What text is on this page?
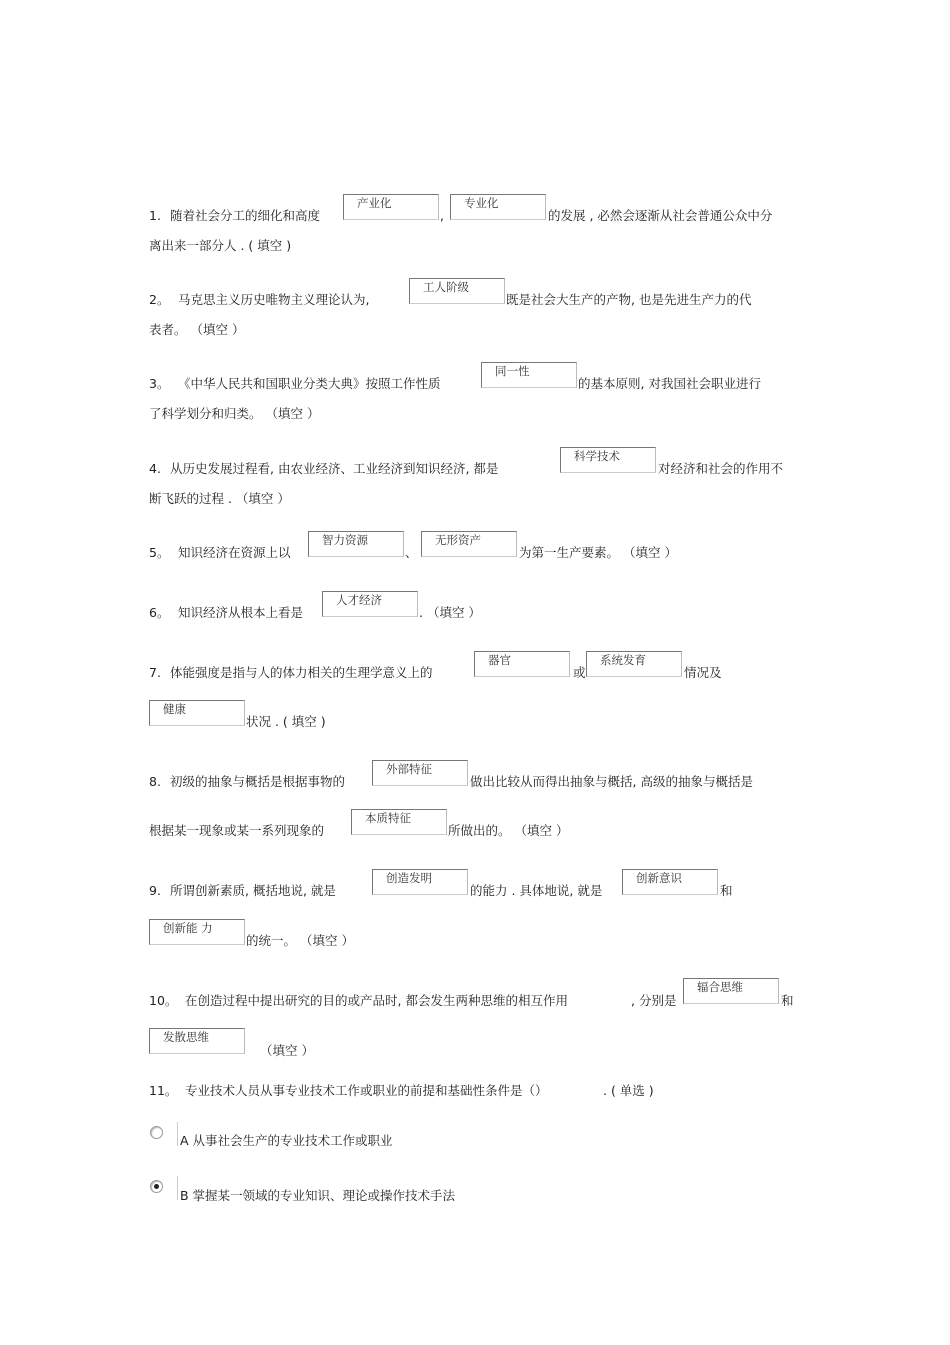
1. 随着社会分工的细化和高度
产业化
,
专业化
的发展 , 必然会逐渐从社会普通公众中分
离出来一部分人 . ( 填空 )
2。 马克思主义历史唯物主义理论认为,
工人阶级
既是社会大生产的产物, 也是先进生产力的代
表者。 （填空 ）
3。 《中华人民共和国职业分类大典》按照工作性质
同一性
的基本原则, 对我国社会职业进行
了科学划分和归类。 （填空 ）
4. 从历史发展过程看, 由农业经济、工业经济到知识经济, 都是
科学技术
对经济和社会的作用不
断飞跃的过程 . （填空 ）
5。 知识经济在资源上以
智力资源
、
无形资产
为第一生产要素。 （填空 ）
6。 知识经济从根本上看是
人才经济
. （填空 ）
7. 体能强度是指与人的体力相关的生理学意义上的
器官
或
系统发育
情况及
健康
状况 . ( 填空 )
8. 初级的抽象与概括是根据事物的
外部特征
做出比较从而得出抽象与概括, 高级的抽象与概括是
根据某一现象或某一系列现象的
本质特征
所做出的。 （填空 ）
9. 所谓创新素质, 概括地说, 就是
创造发明
的能力 . 具体地说, 就是
创新意识
和
创新能 力
的统一。 （填空 ）
10。 在创造过程中提出研究的目的或产品时, 都会发生两种思维的相互作用	, 分别是
辐合思维
和
发散思维
（填空 ）
11。 专业技术人员从事专业技术工作或职业的前提和基础性条件是（）	. ( 单选 )
A 从事社会生产的专业技术工作或职业
B 掌握某一领域的专业知识、理论或操作技术手法
